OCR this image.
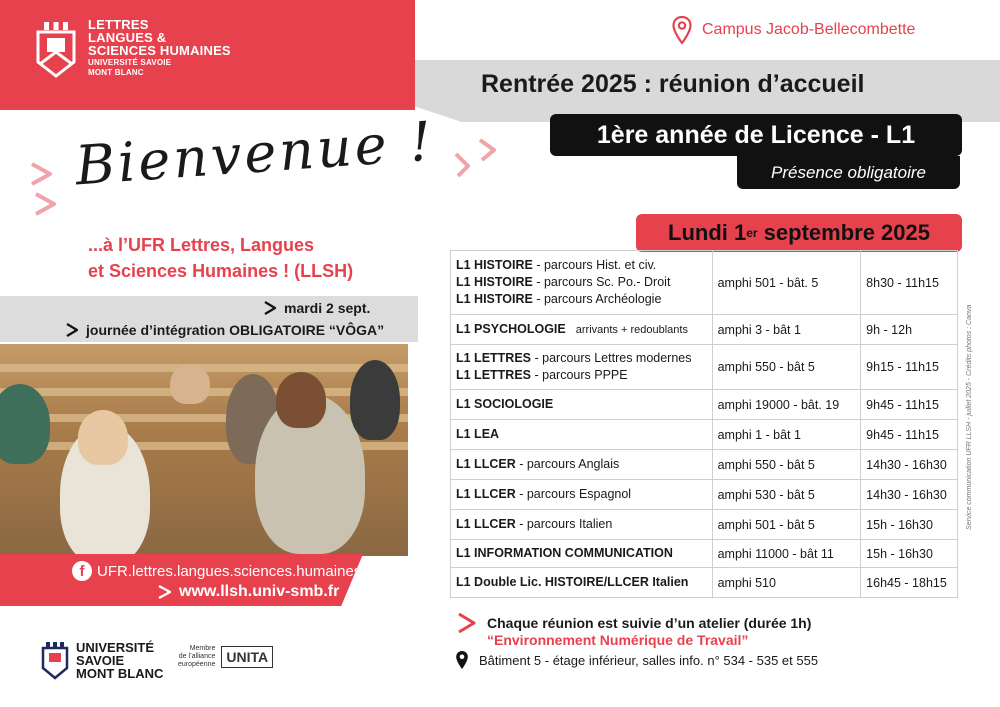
LETTRES
LANGUES &
SCIENCES HUMAINES
UNIVERSITÉ SAVOIE
MONT BLANC
Campus Jacob-Bellecombette
Rentrée 2025 : réunion d’accueil
1ère année de Licence - L1
Présence obligatoire
Bienvenue !
...à l’UFR Lettres, Langues
et Sciences Humaines ! (LLSH)
mardi 2 sept.
journée d’intégration OBLIGATOIRE “VÔGA”
f UFR.lettres.langues.sciences.humaines
www.llsh.univ-smb.fr
UNIVERSITÉ
SAVOIE
MONT BLANC
Membre
de l’alliance
européenne UNITA
Lundi 1 er septembre 2025
L1 HISTOIRE - parcours Hist. et civ.
L1 HISTOIRE - parcours Sc. Po.- Droit
L1 HISTOIRE - parcours Archéologie	amphi 501 - bât. 5	8h30 - 11h15

L1 PSYCHOLOGIE arrivants + redoublants	amphi 3 - bât 1	9h - 12h

L1 LETTRES - parcours Lettres modernes
L1 LETTRES - parcours PPPE	amphi 550 - bât 5	9h15 - 11h15

L1 SOCIOLOGIE	amphi 19000 - bât. 19	9h45 - 11h15

L1 LEA	amphi 1 - bât 1	9h45 - 11h15

L1 LLCER - parcours Anglais	amphi 550 - bât 5	14h30 - 16h30

L1 LLCER - parcours Espagnol	amphi 530 - bât 5	14h30 - 16h30

L1 LLCER - parcours Italien	amphi 501 - bât 5	15h - 16h30

L1 INFORMATION COMMUNICATION	amphi 11000 - bât 11	15h - 16h30

L1 Double Lic. HISTOIRE/LLCER Italien	amphi 510	16h45 - 18h15
Service communication UFR LLSH - juillet 2025 - Crédits photos : Canva
Chaque réunion est suivie d’un atelier (durée 1h)
“Environnement Numérique de Travail”
Bâtiment 5 - étage inférieur, salles info. n° 534 - 535 et 555
